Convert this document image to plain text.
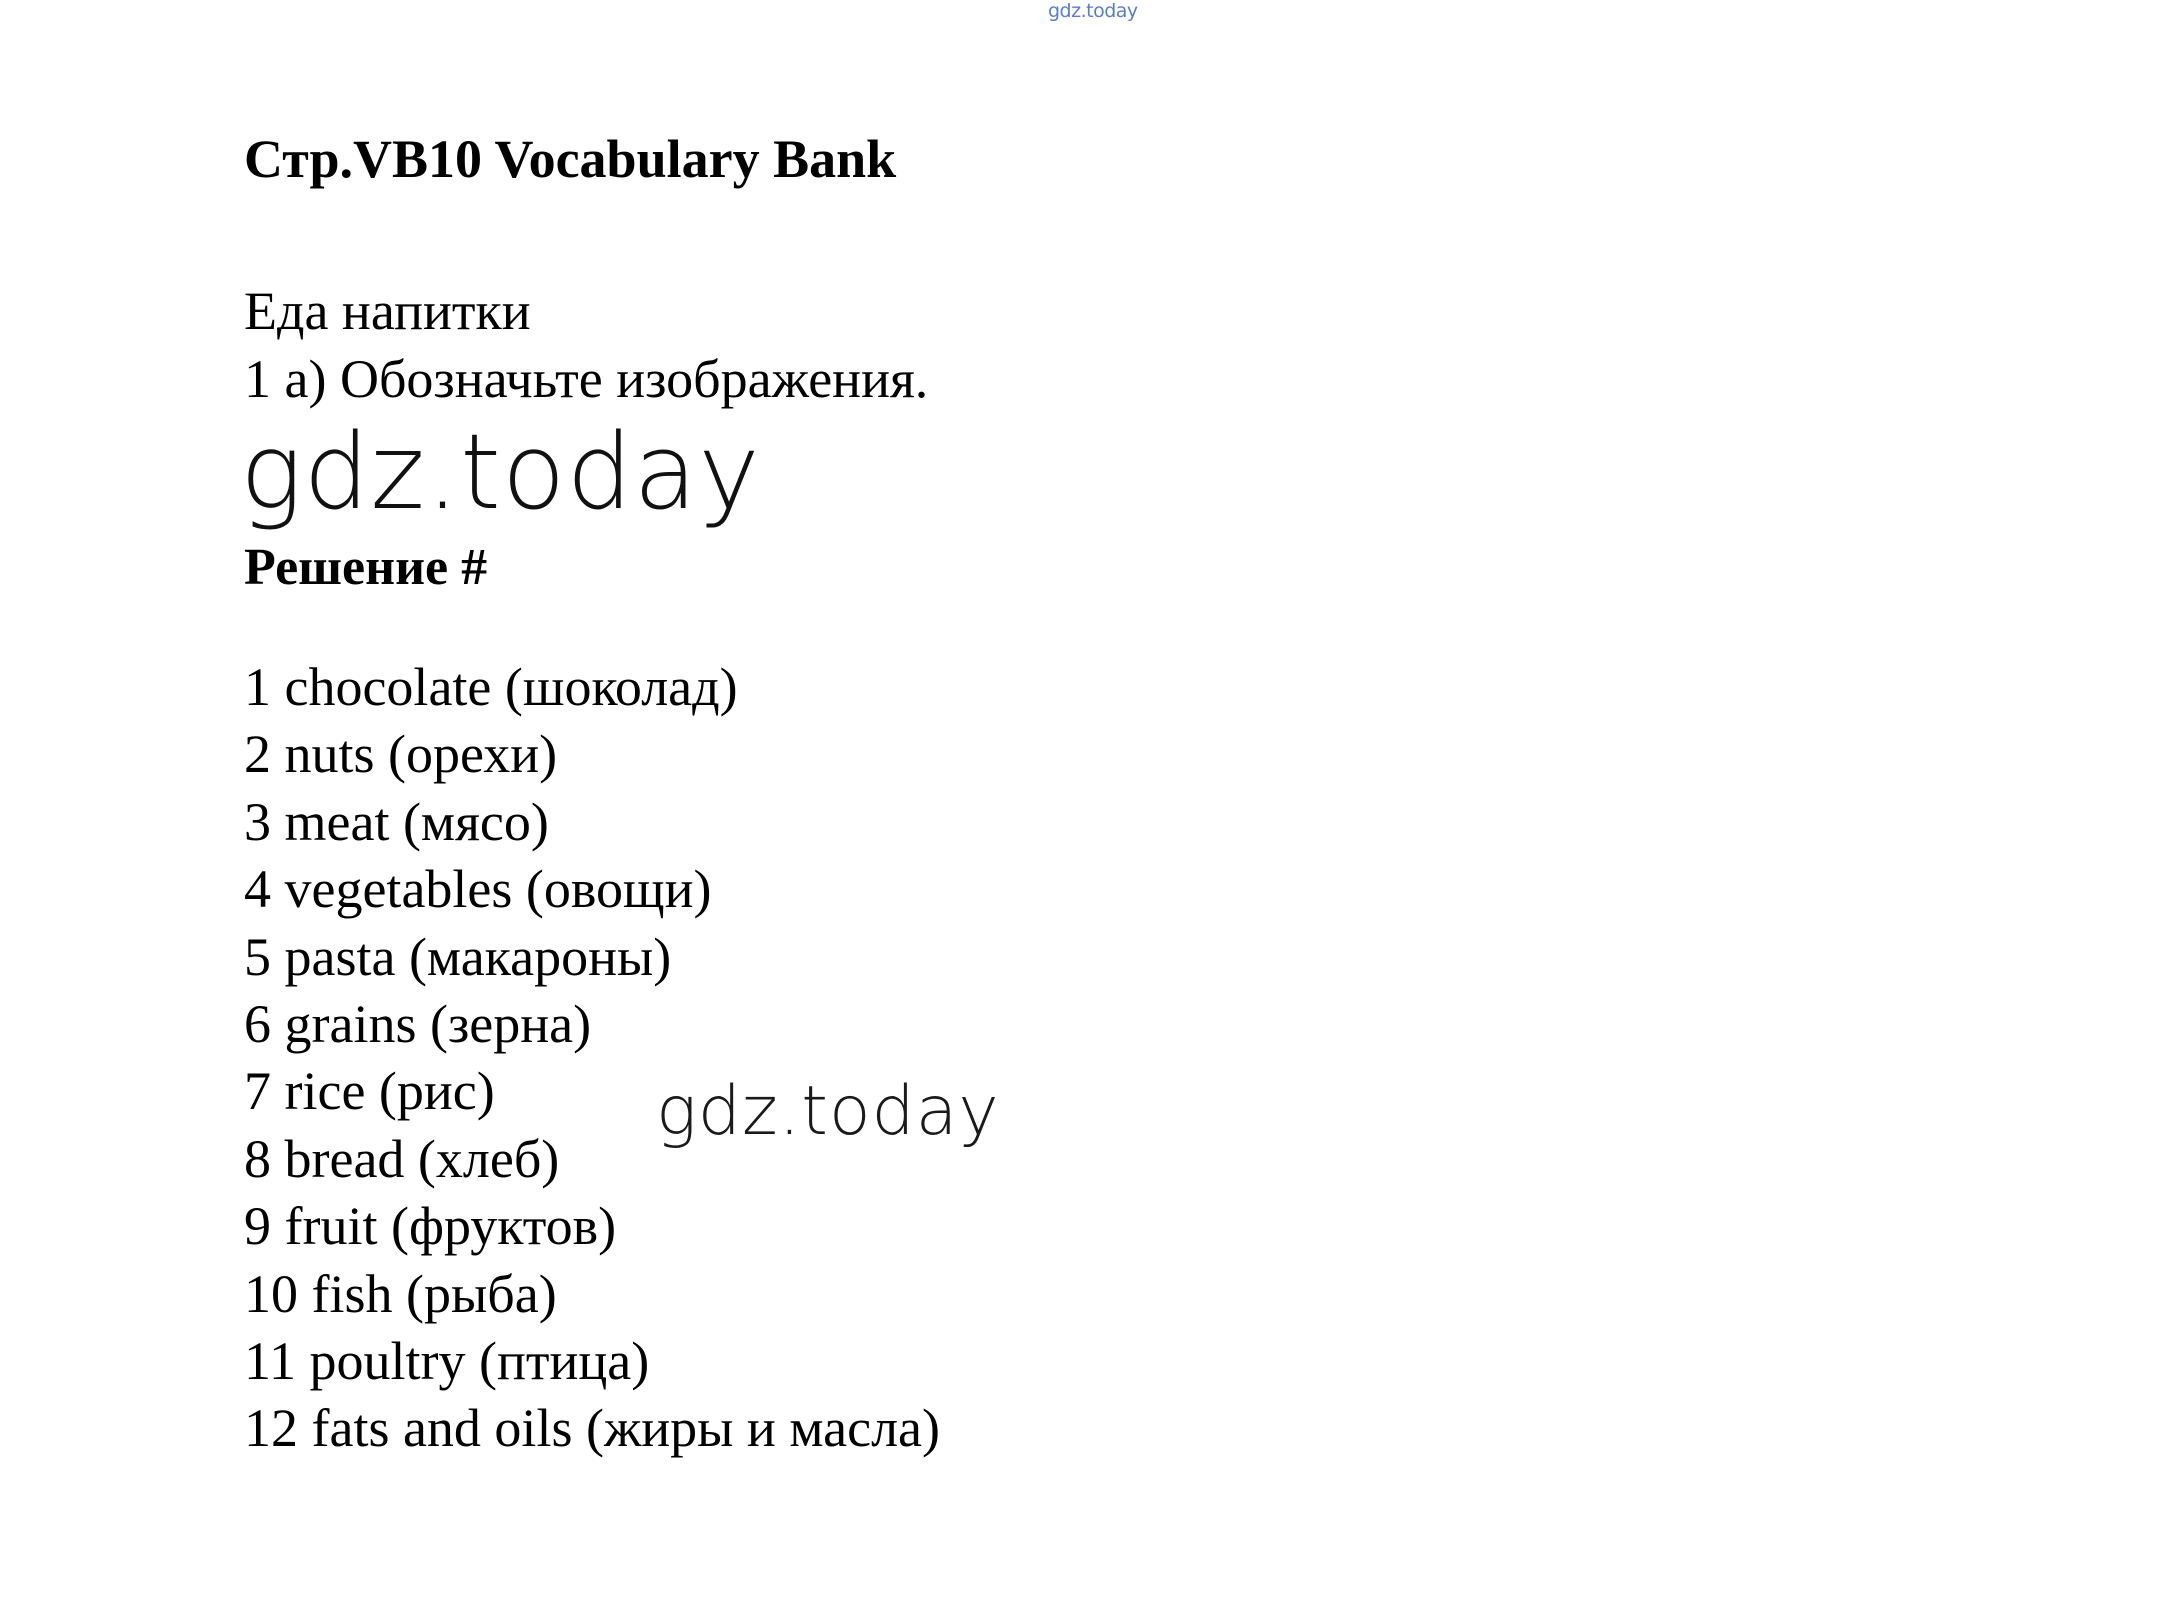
gdz.today
Стр.VB10 Vocabulary Bank
Еда напитки
1 a) Обозначьте изображения.
gdz.today
Решение #
1 chocolate (шоколад)
2 nuts (орехи)
3 meat (мясо)
4 vegetables (овощи)
5 pasta (макароны)
6 grains (зерна)
7 rice (рис)
8 bread (хлеб)
9 fruit (фруктов)
10 fish (рыба)
11 poultry (птица)
12 fats and oils (жиры и масла)
gdz.today
